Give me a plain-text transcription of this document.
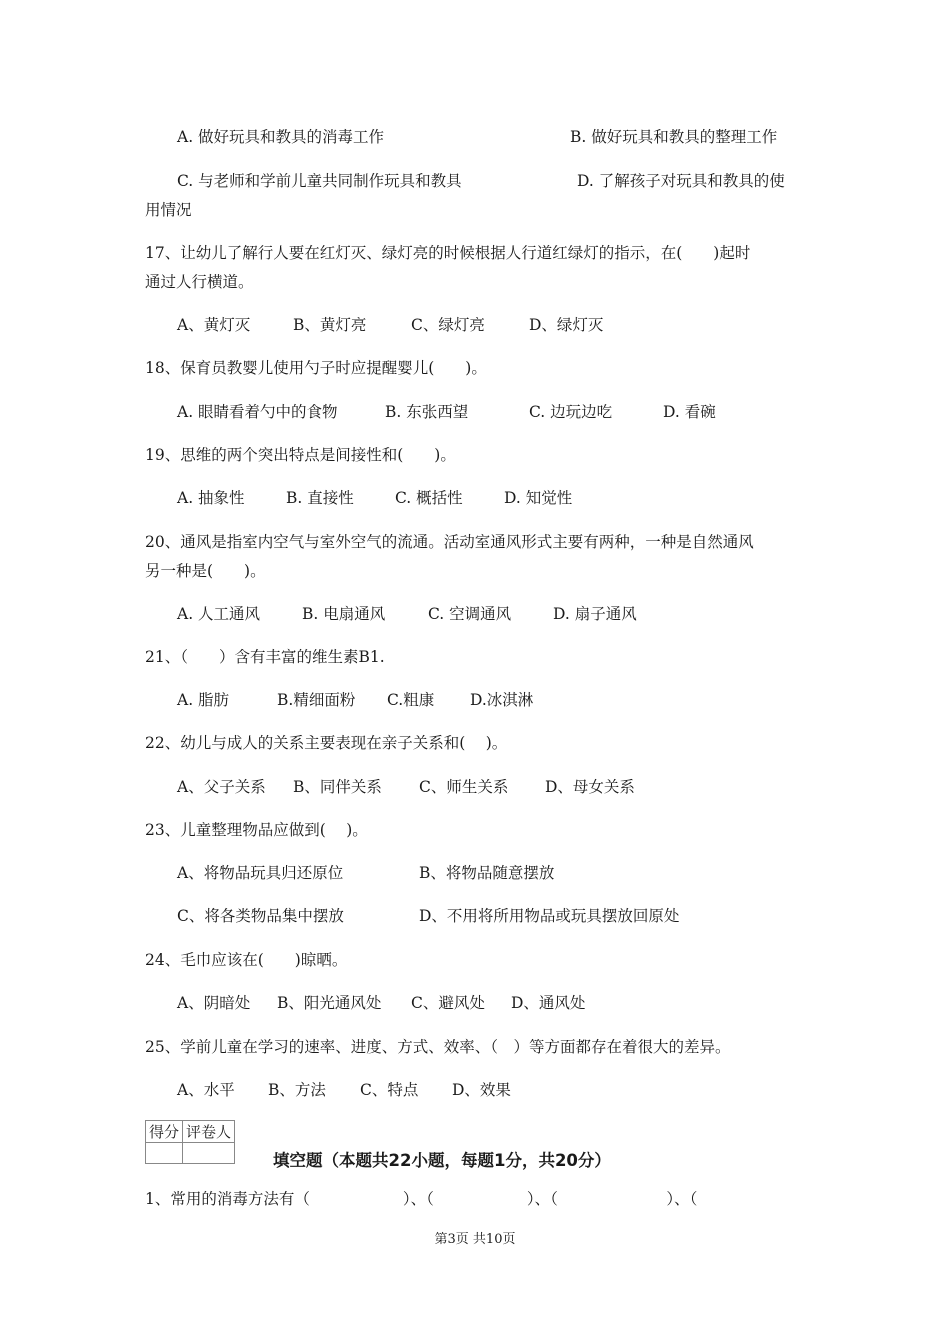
A. 做好玩具和教具的消毒工作	B. 做好玩具和教具的整理工作
C. 与老师和学前儿童共同制作玩具和教具	D. 了解孩子对玩具和教具的使
用情况
17、让幼儿了解行人要在红灯灭、绿灯亮的时候根据人行道红绿灯的指示，在(　　)起时
通过人行横道。
A、黄灯灭	B、黄灯亮	C、绿灯亮	D、绿灯灭
18、保育员教婴儿使用勺子时应提醒婴儿(　　)。
A. 眼睛看着勺中的食物	B. 东张西望	C. 边玩边吃	D. 看碗
19、思维的两个突出特点是间接性和(　　)。
A. 抽象性	B. 直接性	C. 概括性	D. 知觉性
20、通风是指室内空气与室外空气的流通。活动室通风形式主要有两种，一种是自然通风
另一种是(　　)。
A. 人工通风	B. 电扇通风	C. 空调通风	D. 扇子通风
21、（　　）含有丰富的维生素B1.
A. 脂肪	B.精细面粉 C.粗康 D.冰淇淋
22、幼儿与成人的关系主要表现在亲子关系和(　 )。
A、父子关系 B、同伴关系 C、师生关系 D、母女关系
23、儿童整理物品应做到(　 )。
A、将物品玩具归还原位	B、将物品随意摆放
C、将各类物品集中摆放	D、不用将所用物品或玩具摆放回原处
24、毛巾应该在(　　)晾晒。
A、阴暗处 B、阳光通风处 C、避风处 D、通风处
25、学前儿童在学习的速率、进度、方式、效率、（　）等方面都存在着很大的差异。
A、水平 B、方法 C、特点 D、效果
得分	评卷人

填空题（本题共22小题，每题1分，共20分）
1、常用的消毒方法有（　　　　　　）、（　　　　　　）、（　　　　　　　）、（
第3页 共10页
